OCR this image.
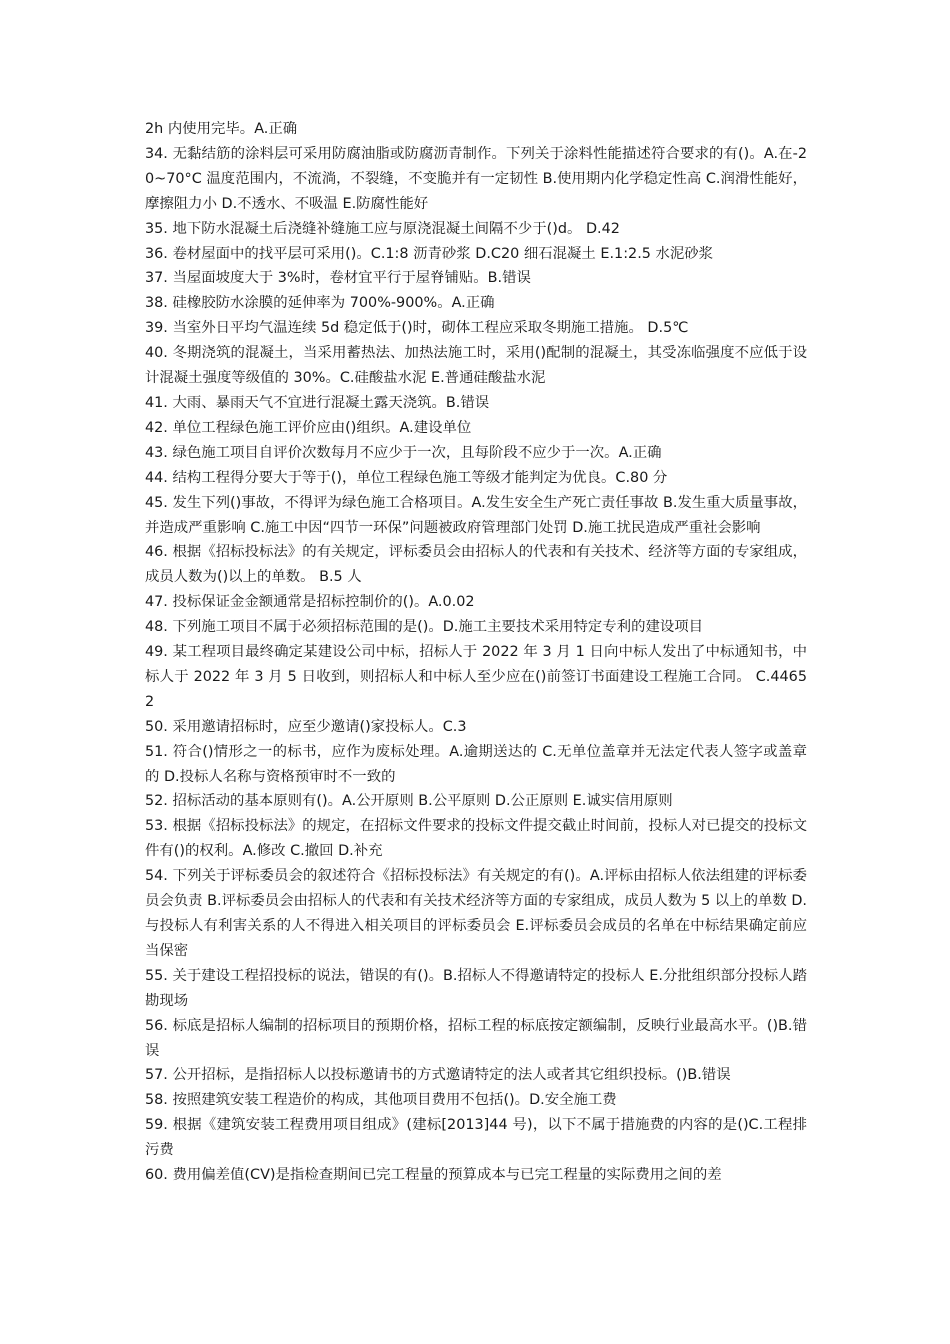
2h 内使用完毕。A.正确

34. 无黏结筋的涂料层可采用防腐油脂或防腐沥青制作。下列关于涂料性能描述符合要求的有()。A.在-20~70°C 温度范围内，不流淌，不裂缝，不变脆并有一定韧性 B.使用期内化学稳定性高 C.润滑性能好，摩擦阻力小 D.不透水、不吸温 E.防腐性能好

35. 地下防水混凝土后浇缝补缝施工应与原浇混凝土间隔不少于()d。 D.42

36. 卷材屋面中的找平层可采用()。C.1:8 沥青砂浆 D.C20 细石混凝土 E.1:2.5 水泥砂浆

37. 当屋面坡度大于 3%时，卷材宜平行于屋脊铺贴。B.错误

38. 硅橡胶防水涂膜的延伸率为 700%-900%。A.正确

39. 当室外日平均气温连续 5d 稳定低于()时，砌体工程应采取冬期施工措施。 D.5℃

40. 冬期浇筑的混凝土，当采用蓄热法、加热法施工时，采用()配制的混凝土，其受冻临强度不应低于设计混凝土强度等级值的 30%。C.硅酸盐水泥 E.普通硅酸盐水泥

41. 大雨、暴雨天气不宜进行混凝土露天浇筑。B.错误

42. 单位工程绿色施工评价应由()组织。A.建设单位

43. 绿色施工项目自评价次数每月不应少于一次，且每阶段不应少于一次。A.正确

44. 结构工程得分要大于等于()，单位工程绿色施工等级才能判定为优良。C.80 分

45. 发生下列()事故，不得评为绿色施工合格项目。A.发生安全生产死亡责任事故 B.发生重大质量事故，并造成严重影响 C.施工中因“四节一环保”问题被政府管理部门处罚 D.施工扰民造成严重社会影响

46. 根据《招标投标法》的有关规定，评标委员会由招标人的代表和有关技术、经济等方面的专家组成，成员人数为()以上的单数。 B.5 人

47. 投标保证金金额通常是招标控制价的()。A.0.02

48. 下列施工项目不属于必须招标范围的是()。D.施工主要技术采用特定专利的建设项目

49. 某工程项目最终确定某建设公司中标，招标人于 2022 年 3 月 1 日向中标人发出了中标通知书，中标人于 2022 年 3 月 5 日收到，则招标人和中标人至少应在()前签订书面建设工程施工合同。 C.44652

50. 采用邀请招标时，应至少邀请()家投标人。C.3

51. 符合()情形之一的标书，应作为废标处理。A.逾期送达的 C.无单位盖章并无法定代表人签字或盖章的 D.投标人名称与资格预审时不一致的

52. 招标活动的基本原则有()。A.公开原则 B.公平原则 D.公正原则 E.诚实信用原则

53. 根据《招标投标法》的规定，在招标文件要求的投标文件提交截止时间前，投标人对已提交的投标文件有()的权利。A.修改 C.撤回 D.补充

54. 下列关于评标委员会的叙述符合《招标投标法》有关规定的有()。A.评标由招标人依法组建的评标委员会负责 B.评标委员会由招标人的代表和有关技术经济等方面的专家组成，成员人数为 5 以上的单数 D.与投标人有利害关系的人不得进入相关项目的评标委员会 E.评标委员会成员的名单在中标结果确定前应当保密

55. 关于建设工程招投标的说法，错误的有()。B.招标人不得邀请特定的投标人 E.分批组织部分投标人踏勘现场

56. 标底是招标人编制的招标项目的预期价格，招标工程的标底按定额编制，反映行业最高水平。()B.错误

57. 公开招标，是指招标人以投标邀请书的方式邀请特定的法人或者其它组织投标。()B.错误

58. 按照建筑安装工程造价的构成，其他项目费用不包括()。D.安全施工费

59. 根据《建筑安装工程费用项目组成》(建标[2013]44 号)，以下不属于措施费的内容的是()C.工程排污费

60. 费用偏差值(CV)是指检查期间已完工程量的预算成本与已完工程量的实际费用之间的差
